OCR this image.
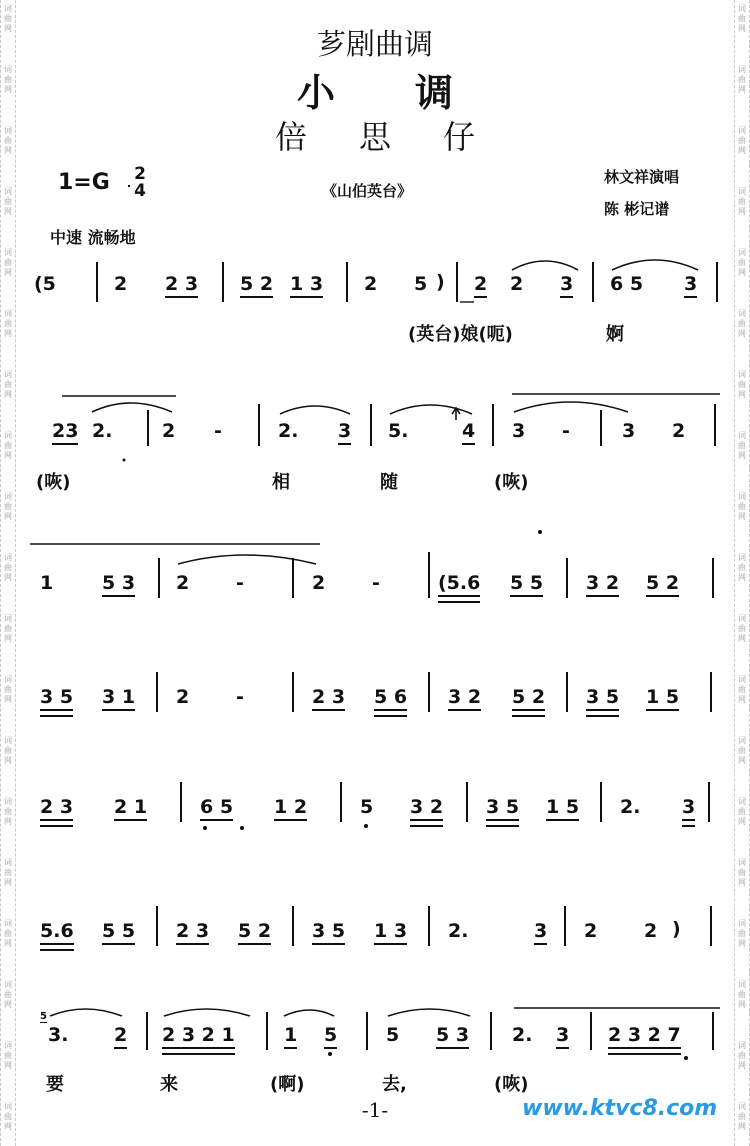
芗剧曲调
小调
倍思仔
1=G	2
4	《山伯英台》
林文祥演唱
陈 彬记谱
中速 流畅地
(5	2 2 3 5 2 1 3 2 5 ) 2 2 3 6 5 3
(英台)娘(呃)	婀
23 2.	2 -	2. 3 5.	4 3 -	3 2
(咴)	相	随	(咴)
1	5 3 2 -	2 -	(5.6 5 5 3 2 5 2
3 5 3 1 2 -	2 3 5 6 3 2 5 2 3 5 1 5
2 3 2 1	6 5 1 2	5 3 2 3 5 1 5 2. 3
5.6 5 5 2 3 5 2 3 5 1 3 2.	3 2 2 )
5
3. 2 2 3 2 1	1 5	5 5 3 2. 3 2 3 2 7
要	来	(啊)	去,	(咴)
-1-	www.ktvc8.com
词
曲
网
词
曲
网
词
曲
网
词
曲
网
词
曲
网
词
曲
网
词
曲
网
词
曲
网
词
曲
网
词
曲
网
词
曲
网
词
曲
网
词
曲
网
词
曲
网
词
曲
网
词
曲
网
词
曲
网
词
曲
网
词
曲
网
词
曲
网
词
曲
网
词
曲
网
词
曲
网
词
曲
网
词
曲
网
词
曲
网
词
曲
网
词
曲
网
词
曲
网
词
曲
网
词
曲
网
词
曲
网
词
曲
网
词
曲
网
词
曲
网
词
曲
网
词
曲
网
词
曲
网
